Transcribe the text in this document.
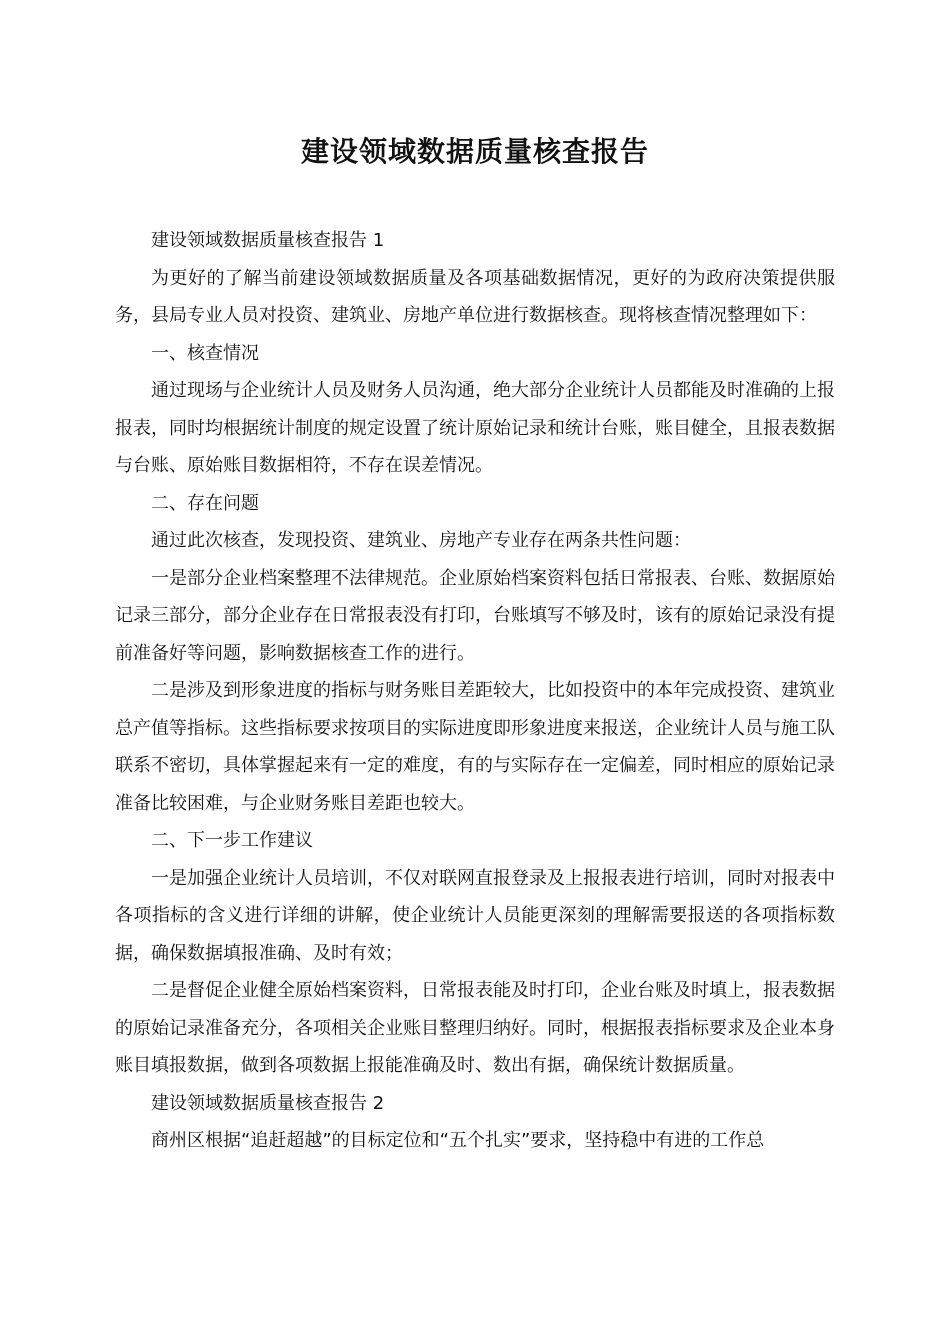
建设领域数据质量核查报告

建设领域数据质量核查报告 1

为更好的了解当前建设领域数据质量及各项基础数据情况，更好的为政府决策提供服务，县局专业人员对投资、建筑业、房地产单位进行数据核查。现将核查情况整理如下：

一、核查情况

通过现场与企业统计人员及财务人员沟通，绝大部分企业统计人员都能及时准确的上报报表，同时均根据统计制度的规定设置了统计原始记录和统计台账，账目健全，且报表数据与台账、原始账目数据相符，不存在误差情况。

二、存在问题

通过此次核查，发现投资、建筑业、房地产专业存在两条共性问题：

一是部分企业档案整理不法律规范。企业原始档案资料包括日常报表、台账、数据原始记录三部分，部分企业存在日常报表没有打印，台账填写不够及时，该有的原始记录没有提前准备好等问题，影响数据核查工作的进行。

二是涉及到形象进度的指标与财务账目差距较大，比如投资中的本年完成投资、建筑业总产值等指标。这些指标要求按项目的实际进度即形象进度来报送，企业统计人员与施工队联系不密切，具体掌握起来有一定的难度，有的与实际存在一定偏差，同时相应的原始记录准备比较困难，与企业财务账目差距也较大。

二、下一步工作建议

一是加强企业统计人员培训，不仅对联网直报登录及上报报表进行培训，同时对报表中各项指标的含义进行详细的讲解，使企业统计人员能更深刻的理解需要报送的各项指标数据，确保数据填报准确、及时有效；

二是督促企业健全原始档案资料，日常报表能及时打印，企业台账及时填上，报表数据的原始记录准备充分，各项相关企业账目整理归纳好。同时，根据报表指标要求及企业本身账目填报数据，做到各项数据上报能准确及时、数出有据，确保统计数据质量。

建设领域数据质量核查报告 2

商州区根据“追赶超越”的目标定位和“五个扎实”要求，坚持稳中有进的工作总
